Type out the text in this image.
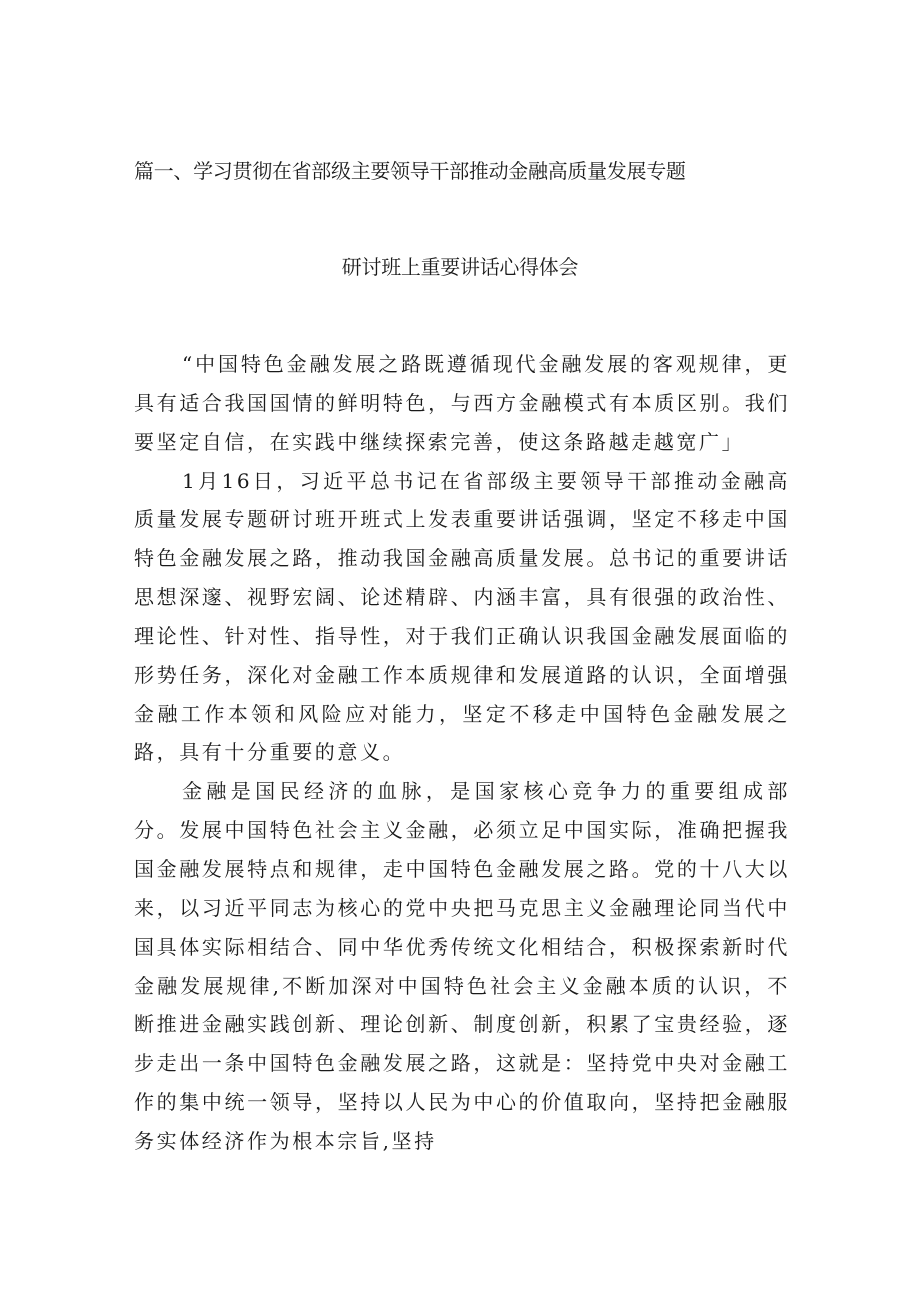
篇一、学习贯彻在省部级主要领导干部推动金融高质量发展专题
研讨班上重要讲话心得体会

“中国特色金融发展之路既遵循现代金融发展的客观规律，更具有适合我国国情的鲜明特色，与西方金融模式有本质区别。我们要坚定自信，在实践中继续探索完善，使这条路越走越宽广」

1月16日，习近平总书记在省部级主要领导干部推动金融高质量发展专题研讨班开班式上发表重要讲话强调，坚定不移走中国特色金融发展之路，推动我国金融高质量发展。总书记的重要讲话思想深邃、视野宏阔、论述精辟、内涵丰富，具有很强的政治性、理论性、针对性、指导性，对于我们正确认识我国金融发展面临的形势任务，深化对金融工作本质规律和发展道路的认识，全面增强金融工作本领和风险应对能力，坚定不移走中国特色金融发展之路，具有十分重要的意义。

金融是国民经济的血脉，是国家核心竞争力的重要组成部分。发展中国特色社会主义金融，必须立足中国实际，准确把握我国金融发展特点和规律，走中国特色金融发展之路。党的十八大以来，以习近平同志为核心的党中央把马克思主义金融理论同当代中国具体实际相结合、同中华优秀传统文化相结合，积极探索新时代金融发展规律,不断加深对中国特色社会主义金融本质的认识，不断推进金融实践创新、理论创新、制度创新，积累了宝贵经验，逐步走出一条中国特色金融发展之路，这就是：坚持党中央对金融工作的集中统一领导，坚持以人民为中心的价值取向，坚持把金融服务实体经济作为根本宗旨,坚持
